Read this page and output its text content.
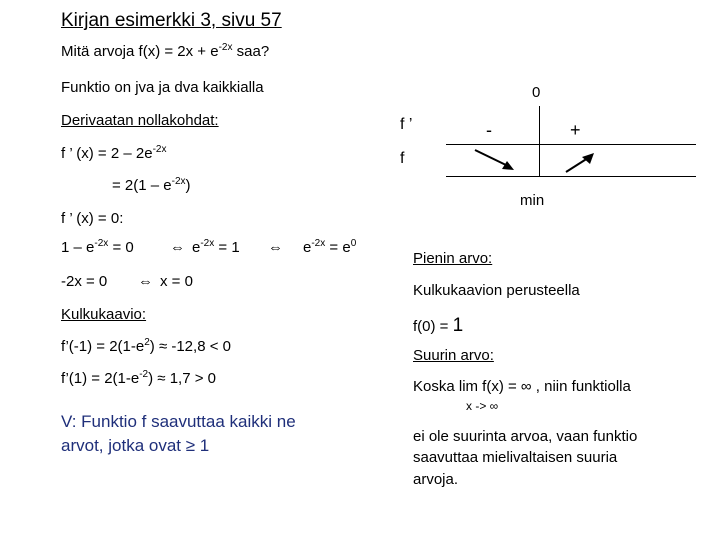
Kirjan esimerkki 3, sivu 57
Mitä arvoja $f(x) = 2x + e^{-2x}$ saa?
Funktio on jva ja dva kaikkialla
Derivaatan nollakohdat:
f ’ $(x) = 2 - 2e^{-2x}$
= $2(1 - e^{-2x})$
f ’ (x) = 0:
$1 - e^{-2x} = 0$ ⇔ $e^{-2x} = 1$ ⇔ $e^{-2x} = e^0$
-2x = 0 ⇔ x = 0
Kulkukaavio:
f’(-1) = $2(1-e^2) \approx -12,8 < 0$
f’(1) = $2(1-e^{-2}) \approx 1,7 > 0$
V: Funktio f saavuttaa kaikki ne
arvot, jotka ovat ≥ 1
0
f ’
f
-	+
min
Pienin arvo:
Kulkukaavion perusteella
f(0) = 1
Suurin arvo:
Koska lim f(x) = ∞ , niin funktiolla
x -> ∞
ei ole suurinta arvoa, vaan funktio
saavuttaa mielivaltaisen suuria
arvoja.
